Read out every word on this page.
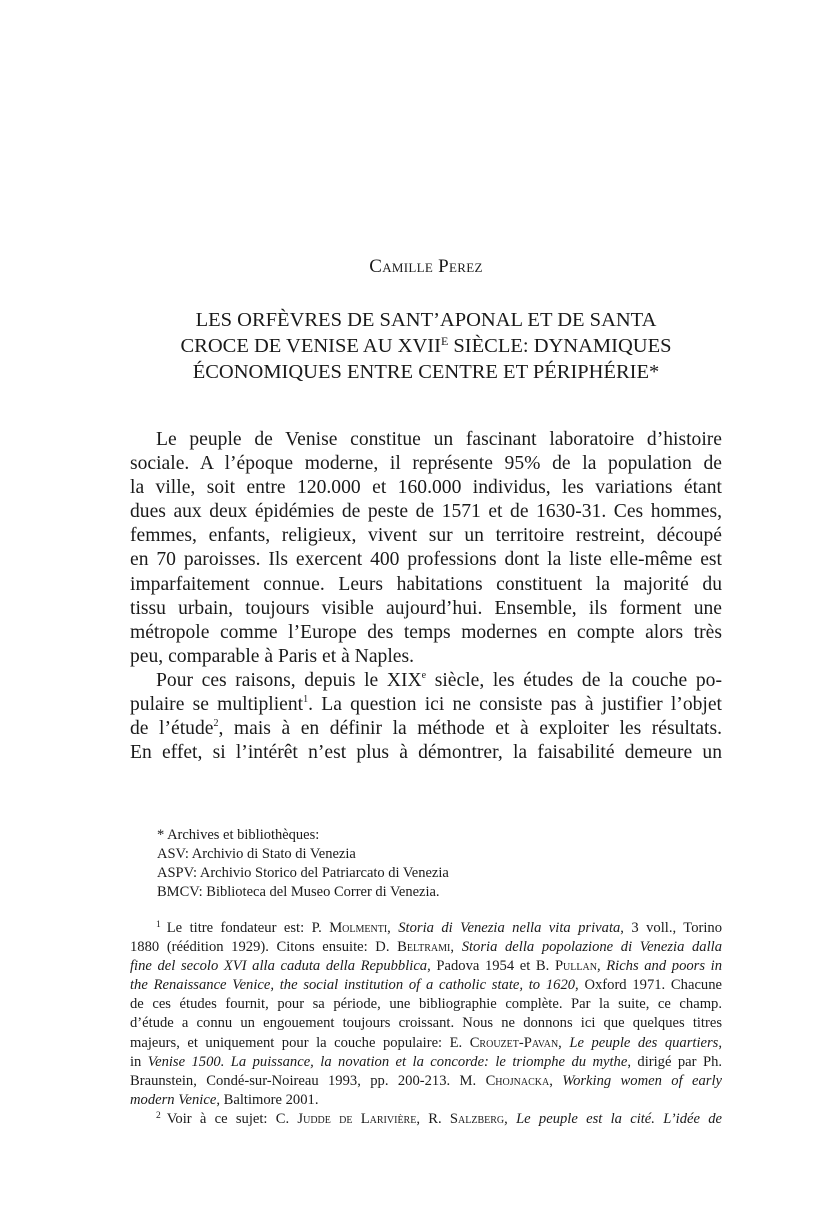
Camille Perez
LES ORFÈVRES DE SANT’APONAL ET DE SANTA
CROCE DE VENISE AU $XVII^E$ SIÈCLE: DYNAMIQUES
ÉCONOMIQUES ENTRE CENTRE ET PÉRIPHÉRIE*
Le peuple de Venise constitue un fascinant laboratoire d’histoire
sociale. A l’époque moderne, il représente 95% de la population de
la ville, soit entre 120.000 et 160.000 individus, les variations étant
dues aux deux épidémies de peste de 1571 et de 1630-31. Ces hommes,
femmes, enfants, religieux, vivent sur un territoire restreint, découpé
en 70 paroisses. Ils exercent 400 professions dont la liste elle-même est
imparfaitement connue. Leurs habitations constituent la majorité du
tissu urbain, toujours visible aujourd’hui. Ensemble, ils forment une
métropole comme l’Europe des temps modernes en compte alors très
peu, comparable à Paris et à Naples.
Pour ces raisons, depuis le XIXe siècle, les études de la couche po-
pulaire se multiplient$^1$. La question ici ne consiste pas à justifier l’objet
de l’étude$^2$, mais à en définir la méthode et à exploiter les résultats.
En effet, si l’intérêt n’est plus à démontrer, la faisabilité demeure un
* Archives et bibliothèques:
ASV: Archivio di Stato di Venezia
ASPV: Archivio Storico del Patriarcato di Venezia
BMCV: Biblioteca del Museo Correr di Venezia.
$^1$ Le titre fondateur est: P. Molmenti, Storia di Venezia nella vita privata, 3 voll., Torino
1880 (réédition 1929). Citons ensuite: D. Beltrami, Storia della popolazione di Venezia dalla
fine del secolo XVI alla caduta della Repubblica, Padova 1954 et B. Pullan, Richs and poors in
the Renaissance Venice, the social institution of a catholic state, to 1620, Oxford 1971. Chacune
de ces études fournit, pour sa période, une bibliographie complète. Par la suite, ce champ.
d’étude a connu un engouement toujours croissant. Nous ne donnons ici que quelques titres
majeurs, et uniquement pour la couche populaire: E. Crouzet-Pavan, Le peuple des quartiers,
in Venise 1500. La puissance, la novation et la concorde: le triomphe du mythe, dirigé par Ph.
Braunstein, Condé-sur-Noireau 1993, pp. 200-213. M. Chojnacka, Working women of early
modern Venice, Baltimore 2001.
$^2$ Voir à ce sujet: C. Judde de Larivière, R. Salzberg, Le peuple est la cité. L’idée de
